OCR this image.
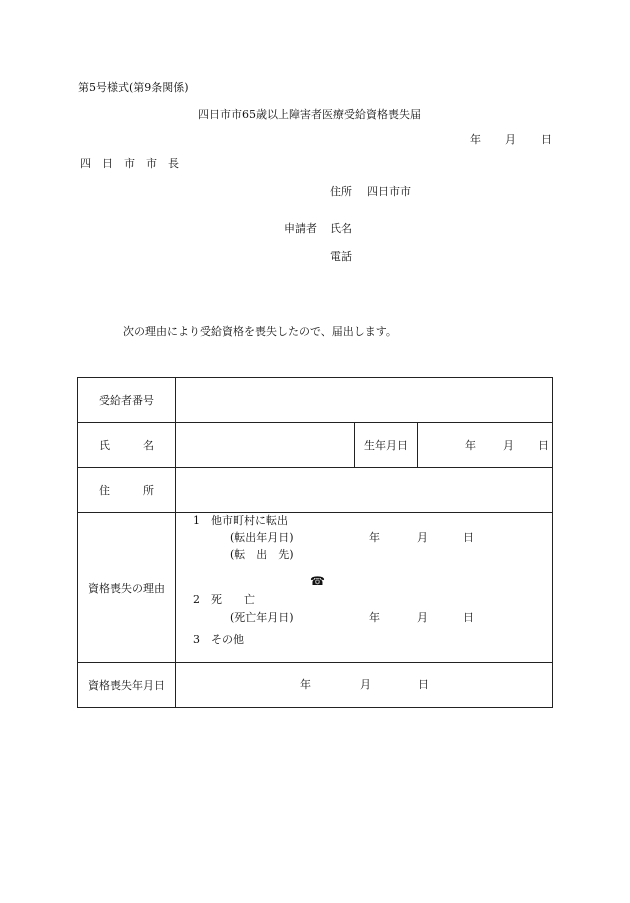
第5号様式(第9条関係)
四日市市65歳以上障害者医療受給資格喪失届
年 月 日
四　日　市　市　長
住所 四日市市
申請者 氏名
電話
次の理由により受給資格を喪失したので、届出します。
受給者番号
氏　　　名	生年月日	年 月 日
住　　　所
資格喪失の理由
1　他市町村に転出
(転出年月日)	年	月	日
(転　出　先)
☎
2　死　　亡
(死亡年月日)	年	月	日
3　その他
資格喪失年月日	年	月	日
